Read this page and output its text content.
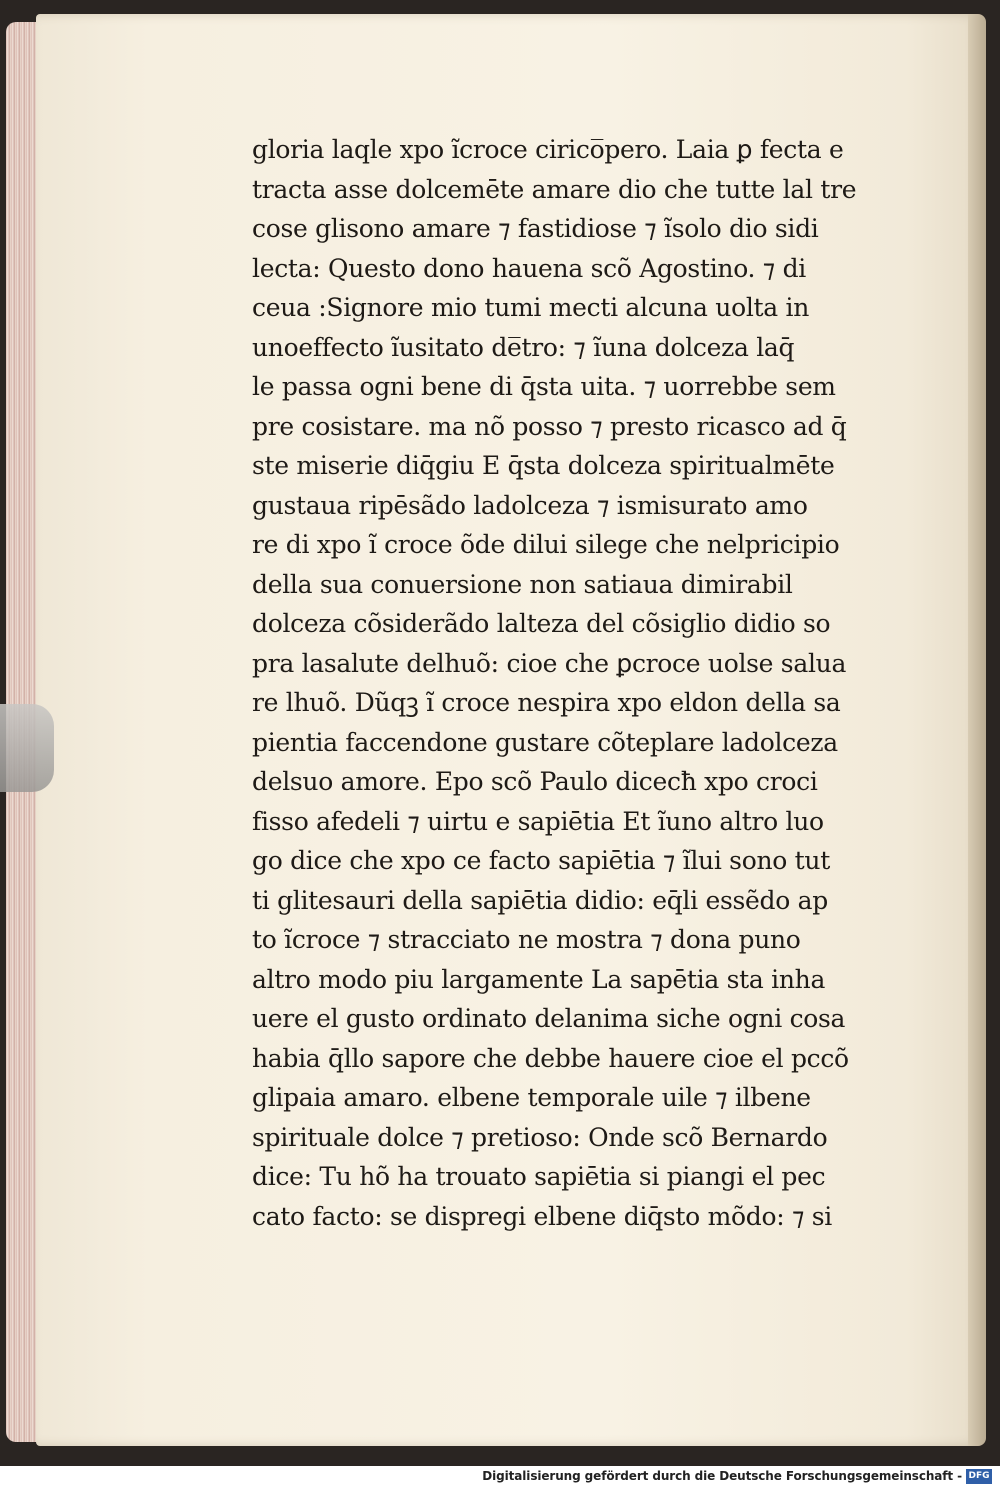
gloria laqle xpo ĩcroce cirico̅pero. Laia ꝑ fecta e
tracta asse dolcemēte amare dio che tutte lal tre
cose glisono amare ⁊ fastidiose ⁊ ĩsolo dio sidi
lecta: Questo dono hauena scõ Agostino. ⁊ di
ceua :Signore mio tumi mecti alcuna uolta in
unoeffecto ĩusitato de̅tro: ⁊ ĩuna dolceza laq̄
le passa ogni bene di q̄sta uita. ⁊ uorrebbe sem
pre cosistare. ma nõ posso ⁊ presto ricasco ad q̄
ste miserie diq̄giu E q̄sta dolceza spiritualmēte
gustaua ripēsãdo ladolceza ⁊ ismisurato amo
re di xpo ĩ croce õde dilui silege che nelpricipio
della sua conuersione non satiaua dimirabil
dolceza cõsiderãdo lalteza del cõsiglio didio so
pra lasalute delhuõ: cioe che ꝑcroce uolse salua
re lhuõ. Dũqꝫ ĩ croce nespira xpo eldon della sa
pientia faccendone gustare cõteplare ladolceza
delsuo amore. Epo scõ Paulo dicecħ xpo croci
fisso afedeli ⁊ uirtu e sapiētia Et ĩuno altro luo
go dice che xpo ce facto sapiētia ⁊ ĩlui sono tut
ti glitesauri della sapiētia didio: eq̄li essẽdo ap
to ĩcroce ⁊ stracciato ne mostra ⁊ dona puno
altro modo piu largamente La sapētia sta inha
uere el gusto ordinato delanima siche ogni cosa
habia q̄llo sapore che debbe hauere cioe el pccõ
glipaia amaro. elbene temporale uile ⁊ ilbene
spirituale dolce ⁊ pretioso: Onde scõ Bernardo
dice: Tu hõ ha trouato sapiētia si piangi el pec
cato facto: se dispregi elbene diq̄sto mõdo: ⁊ si
Digitalisierung gefördert durch die Deutsche Forschungsgemeinschaft - DFG
